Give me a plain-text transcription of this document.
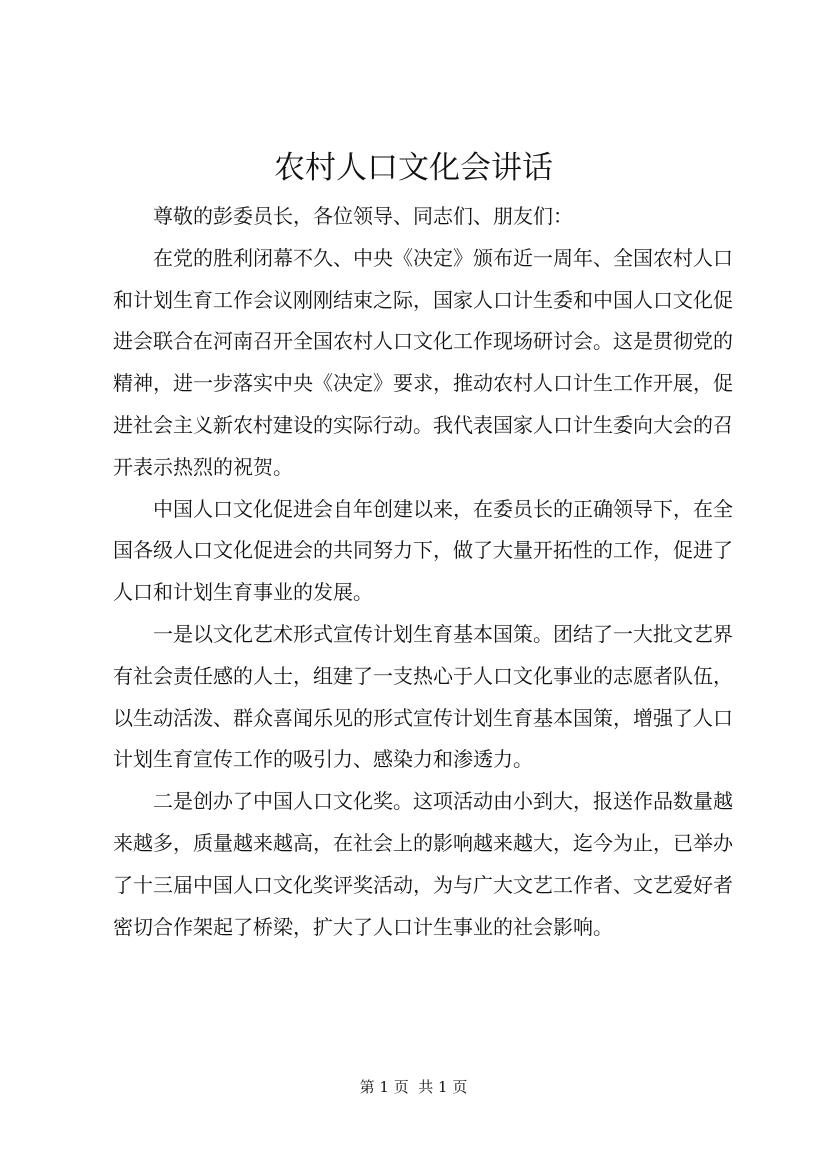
农村人口文化会讲话

尊敬的彭委员长，各位领导、同志们、朋友们：

在党的胜利闭幕不久、中央《决定》颁布近一周年、全国农村人口和计划生育工作会议刚刚结束之际，国家人口计生委和中国人口文化促进会联合在河南召开全国农村人口文化工作现场研讨会。这是贯彻党的精神，进一步落实中央《决定》要求，推动农村人口计生工作开展，促进社会主义新农村建设的实际行动。我代表国家人口计生委向大会的召开表示热烈的祝贺。

中国人口文化促进会自年创建以来，在委员长的正确领导下，在全国各级人口文化促进会的共同努力下，做了大量开拓性的工作，促进了人口和计划生育事业的发展。

一是以文化艺术形式宣传计划生育基本国策。团结了一大批文艺界有社会责任感的人士，组建了一支热心于人口文化事业的志愿者队伍，以生动活泼、群众喜闻乐见的形式宣传计划生育基本国策，增强了人口计划生育宣传工作的吸引力、感染力和渗透力。

二是创办了中国人口文化奖。这项活动由小到大，报送作品数量越来越多，质量越来越高，在社会上的影响越来越大，迄今为止，已举办了十三届中国人口文化奖评奖活动，为与广大文艺工作者、文艺爱好者密切合作架起了桥梁，扩大了人口计生事业的社会影响。

第 1 页  共 1 页
